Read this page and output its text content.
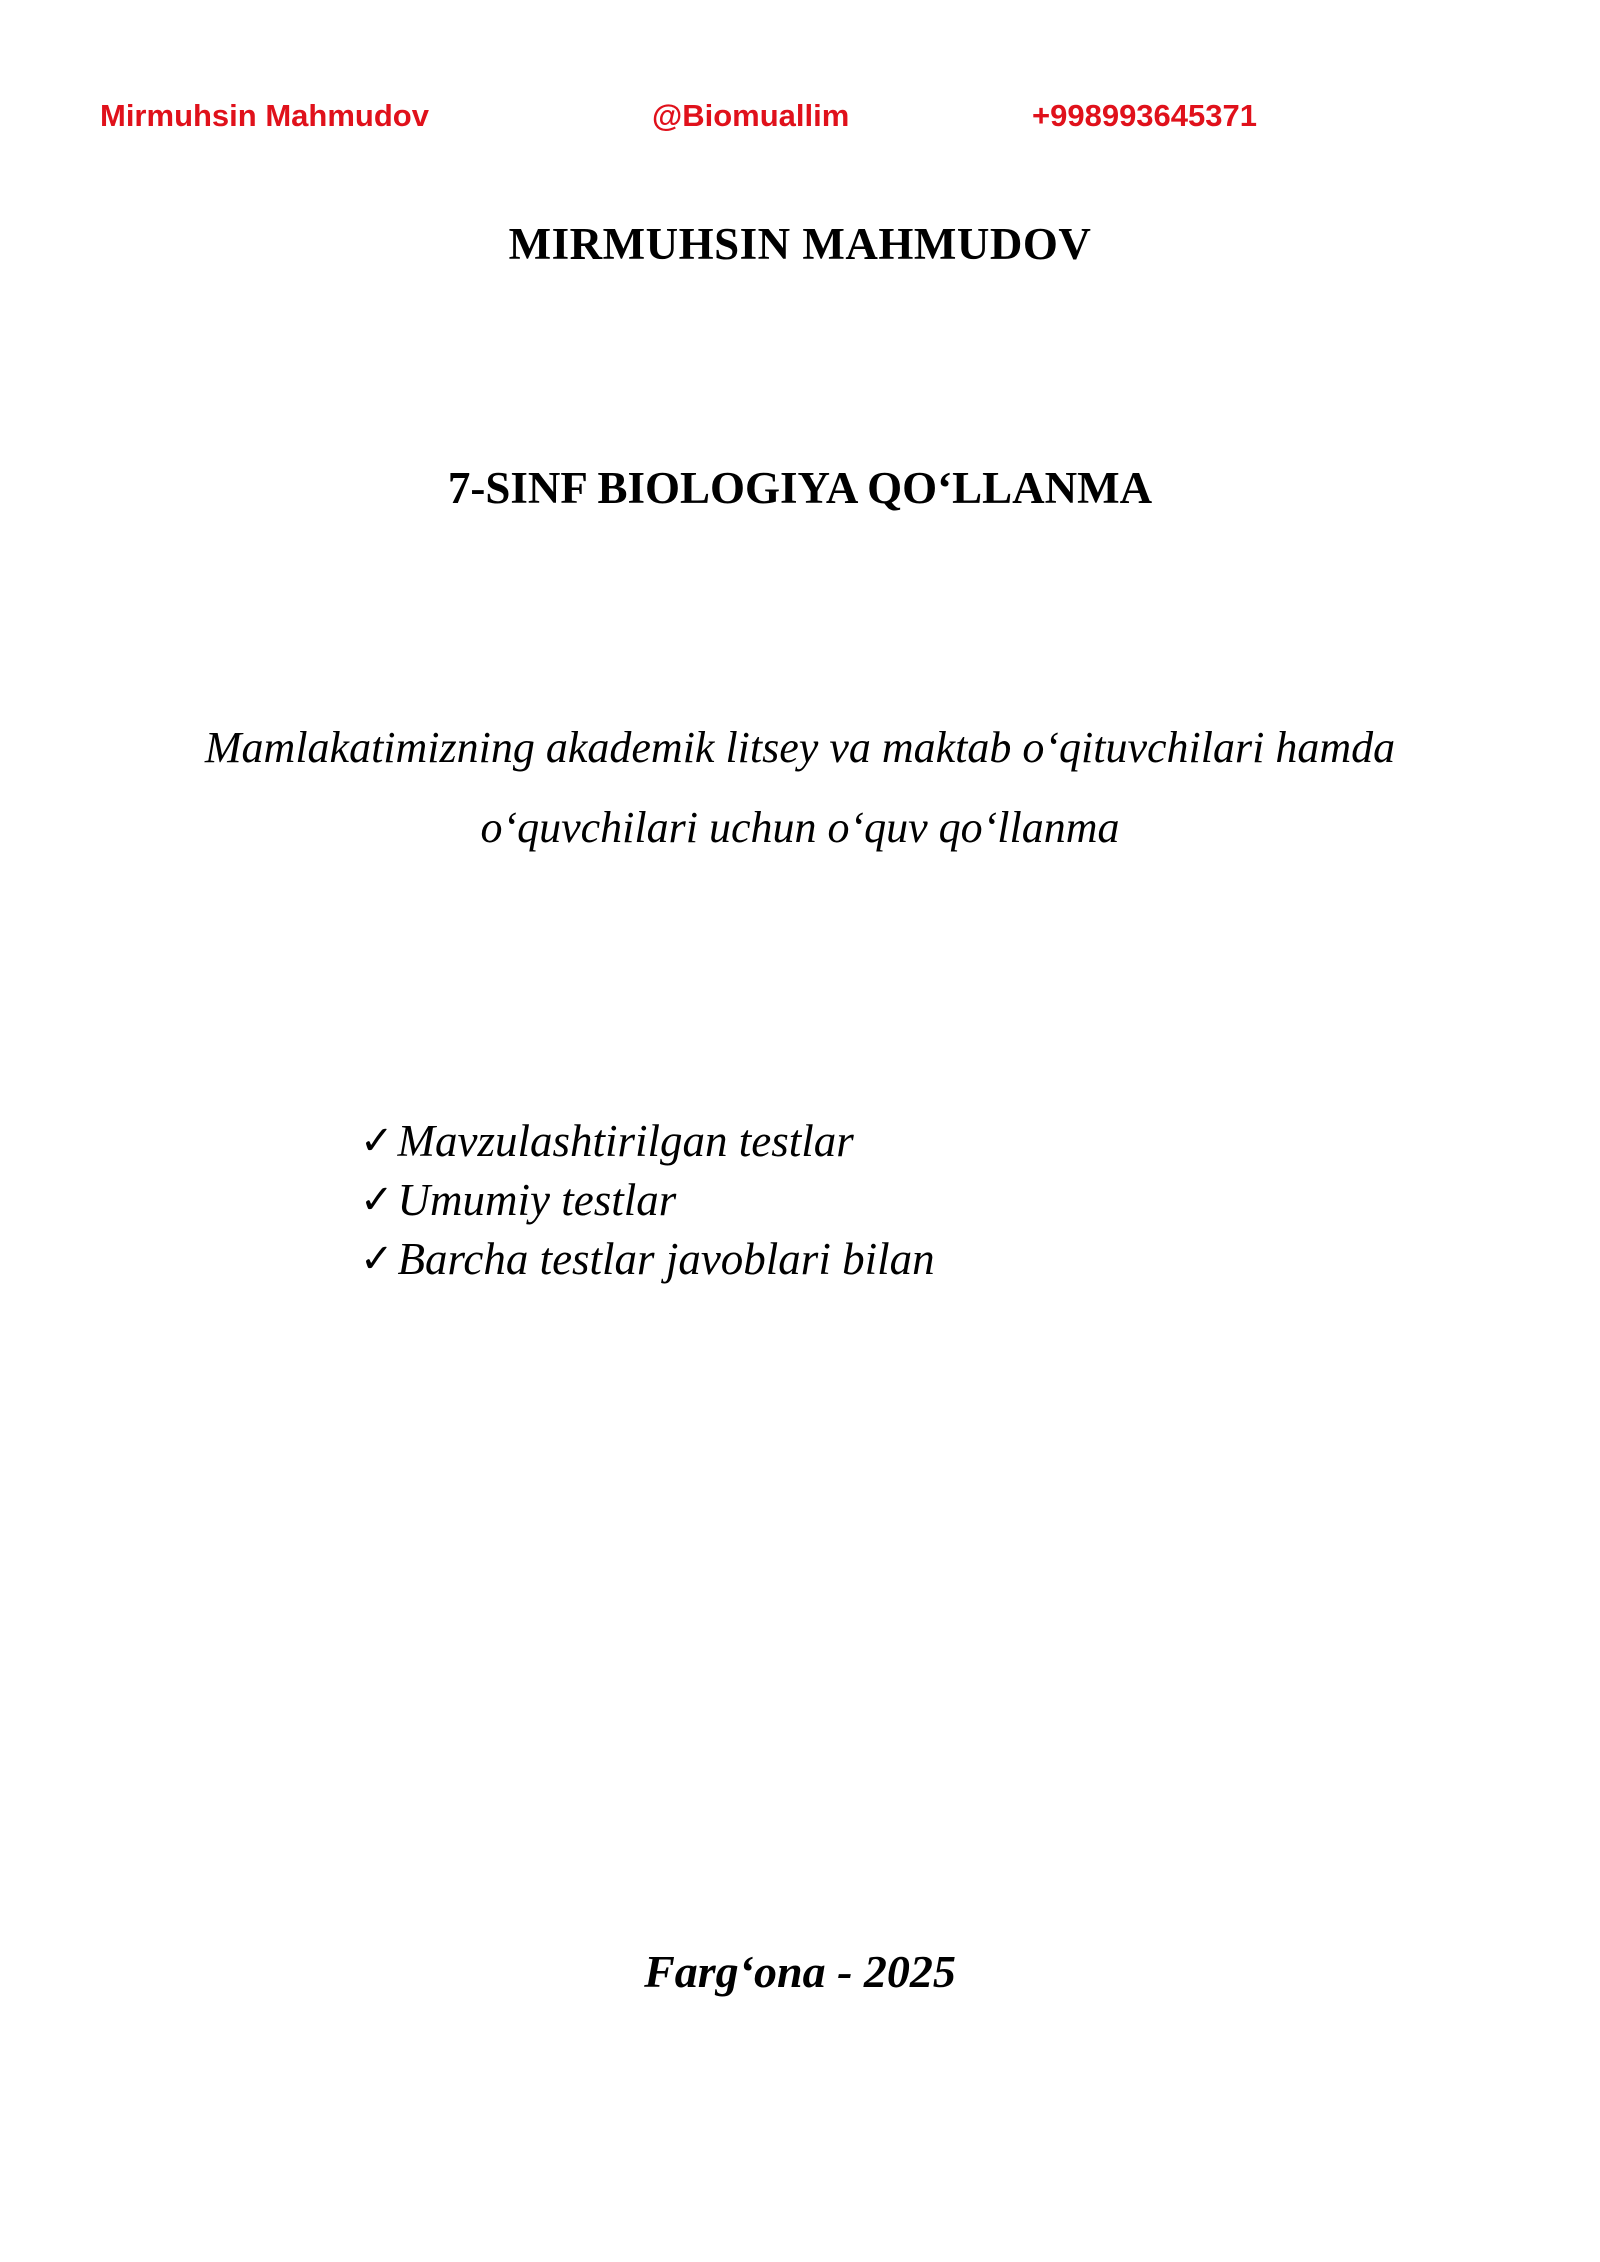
Mirmuhsin Mahmudov	@Biomuallim	+998993645371
MIRMUHSIN MAHMUDOV
7-SINF BIOLOGIYA QO‘LLANMA
Mamlakatimizning akademik litsey va maktab o‘qituvchilari hamda
o‘quvchilari uchun o‘quv qo‘llanma
✓Mavzulashtirilgan testlar
✓Umumiy testlar
✓Barcha testlar javoblari bilan
Farg‘ona - 2025
